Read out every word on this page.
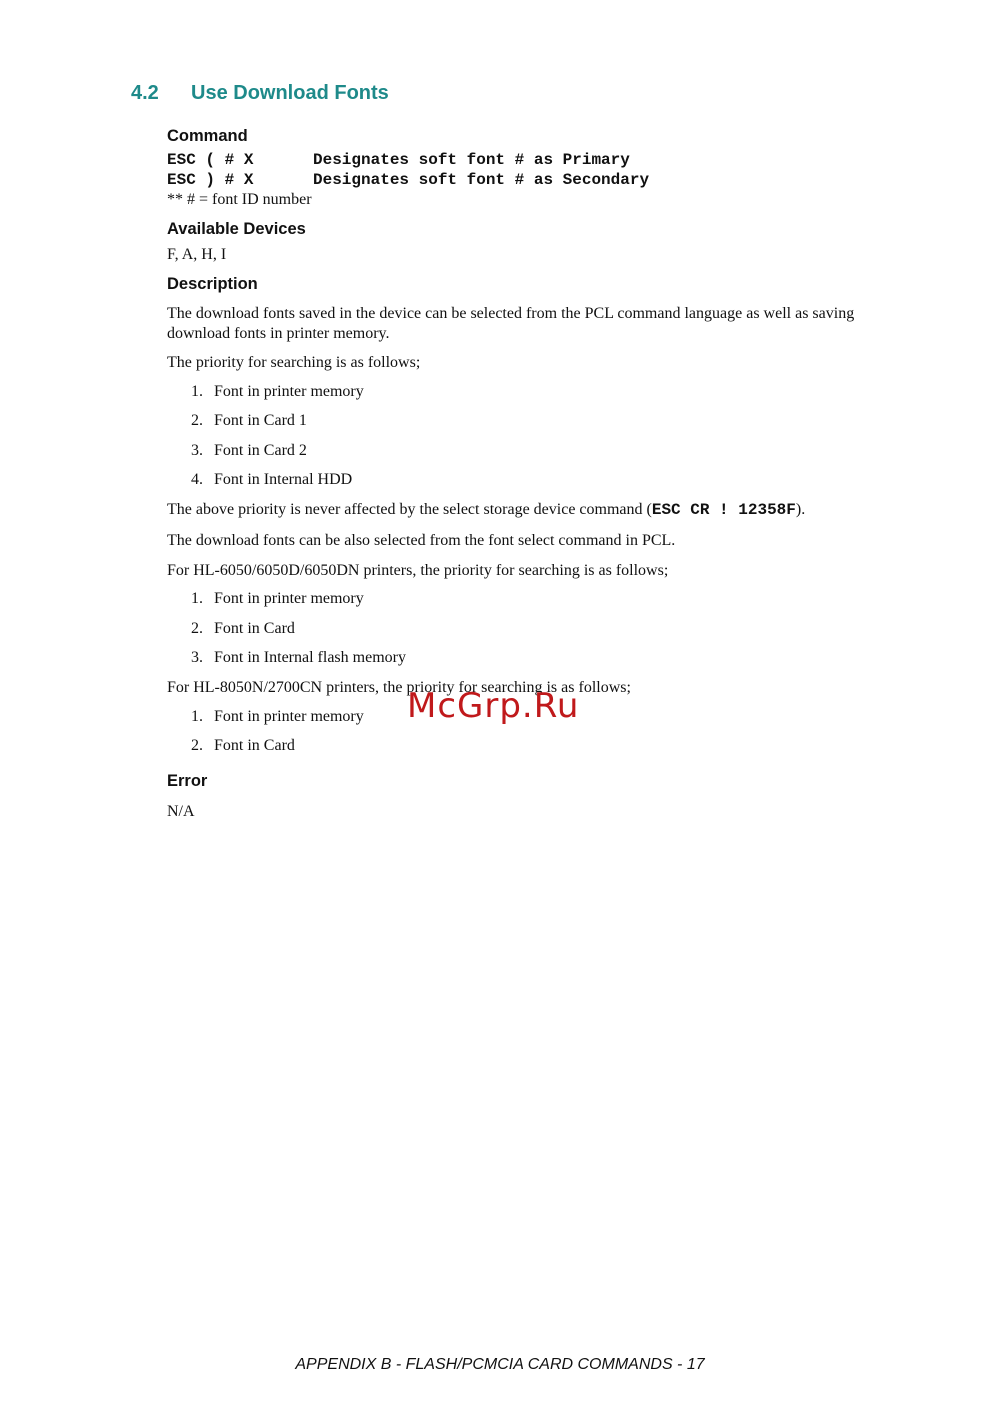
4.2 Use Download Fonts
Command
ESC ( # X	Designates soft font # as Primary
ESC ) # X	Designates soft font # as Secondary

** # = font ID number

Available Devices

F, A, H, I

Description

The download fonts saved in the device can be selected from the PCL command language as well as saving download fonts in printer memory.

The priority for searching is as follows;

1. Font in printer memory
2. Font in Card 1
3. Font in Card 2
4. Font in Internal HDD

The above priority is never affected by the select storage device command (ESC CR ! 12358F).

The download fonts can be also selected from the font select command in PCL.

For HL-6050/6050D/6050DN printers, the priority for searching is as follows;

1. Font in printer memory
2. Font in Card
3. Font in Internal flash memory

For HL-8050N/2700CN printers, the priority for searching is as follows;

1. Font in printer memory
2. Font in Card
McGrp.Ru
Error

N/A

APPENDIX B - FLASH/PCMCIA CARD COMMANDS - 17
